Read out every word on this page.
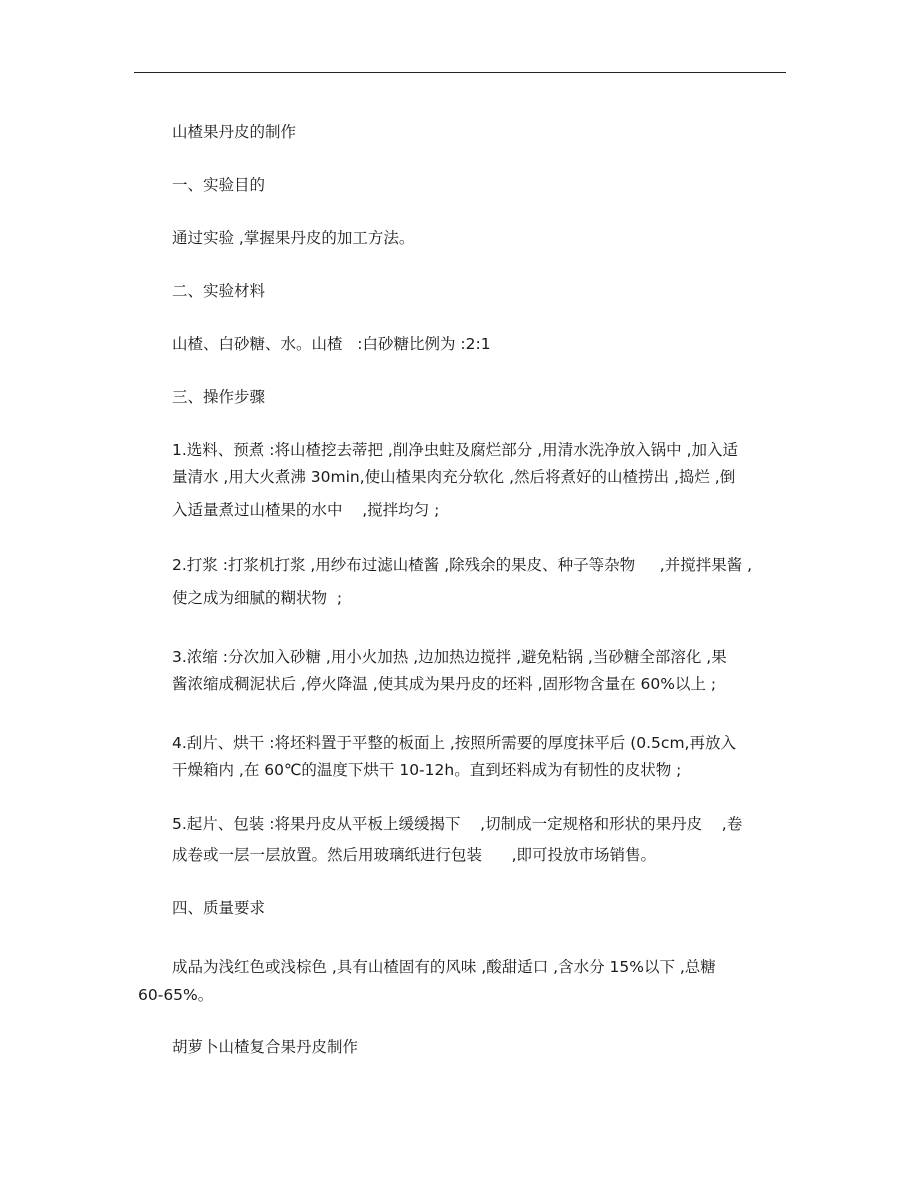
山楂果丹皮的制作
一、实验目的
通过实验 ,掌握果丹皮的加工方法。
二、实验材料
山楂、白砂糖、水。山楂   :白砂糖比例为 :2:1
三、操作步骤
1.选料、预煮 :将山楂挖去蒂把 ,削净虫蛀及腐烂部分 ,用清水洗净放入锅中 ,加入适
量清水 ,用大火煮沸 30min,使山楂果肉充分软化 ,然后将煮好的山楂捞出 ,捣烂 ,倒
入适量煮过山楂果的水中    ,搅拌均匀 ;
2.打浆 :打浆机打浆 ,用纱布过滤山楂酱 ,除残余的果皮、种子等杂物     ,并搅拌果酱 ,
使之成为细腻的糊状物  ;
3.浓缩 :分次加入砂糖 ,用小火加热 ,边加热边搅拌 ,避免粘锅 ,当砂糖全部溶化 ,果
酱浓缩成稠泥状后 ,停火降温 ,使其成为果丹皮的坯料 ,固形物含量在 60%以上 ;
4.刮片、烘干 :将坯料置于平整的板面上 ,按照所需要的厚度抹平后 (0.5cm,再放入
干燥箱内 ,在 60℃的温度下烘干 10-12h。直到坯料成为有韧性的皮状物 ;
5.起片、包装 :将果丹皮从平板上缓缓揭下    ,切制成一定规格和形状的果丹皮    ,卷
成卷或一层一层放置。然后用玻璃纸进行包装      ,即可投放市场销售。
四、质量要求
成品为浅红色或浅棕色 ,具有山楂固有的风味 ,酸甜适口 ,含水分 15%以下 ,总糖
60-65%。
胡萝卜山楂复合果丹皮制作
